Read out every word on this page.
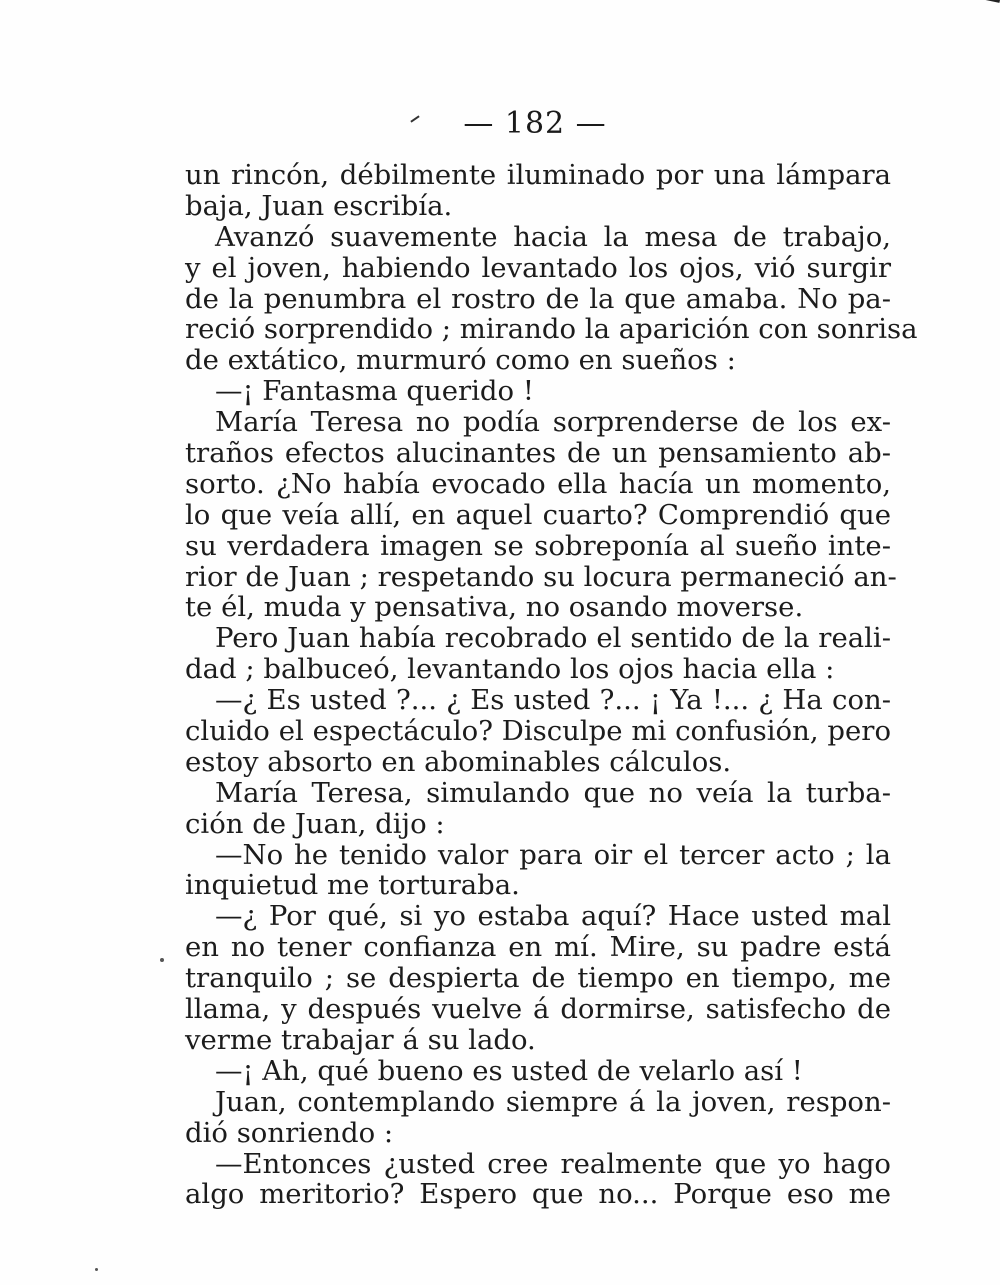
— 182 —
un rincón, débilmente iluminado por una lámpara
baja, Juan escribía.
Avanzó suavemente hacia la mesa de trabajo,
y el joven, habiendo levantado los ojos, vió surgir
de la penumbra el rostro de la que amaba. No pa-
reció sorprendido ; mirando la aparición con sonrisa
de extático, murmuró como en sueños :
—¡ Fantasma querido !
María Teresa no podía sorprenderse de los ex-
traños efectos alucinantes de un pensamiento ab-
sorto. ¿No había evocado ella hacía un momento,
lo que veía allí, en aquel cuarto? Comprendió que
su verdadera imagen se sobreponía al sueño inte-
rior de Juan ; respetando su locura permaneció an-
te él, muda y pensativa, no osando moverse.
Pero Juan había recobrado el sentido de la reali-
dad ; balbuceó, levantando los ojos hacia ella :
—¿ Es usted ?... ¿ Es usted ?... ¡ Ya !... ¿ Ha con-
cluido el espectáculo? Disculpe mi confusión, pero
estoy absorto en abominables cálculos.
María Teresa, simulando que no veía la turba-
ción de Juan, dijo :
—No he tenido valor para oir el tercer acto ; la
inquietud me torturaba.
—¿ Por qué, si yo estaba aquí? Hace usted mal
en no tener confianza en mí. Mire, su padre está
tranquilo ; se despierta de tiempo en tiempo, me
llama, y después vuelve á dormirse, satisfecho de
verme trabajar á su lado.
—¡ Ah, qué bueno es usted de velarlo así !
Juan, contemplando siempre á la joven, respon-
dió sonriendo :
—Entonces ¿usted cree realmente que yo hago
algo meritorio? Espero que no... Porque eso me
